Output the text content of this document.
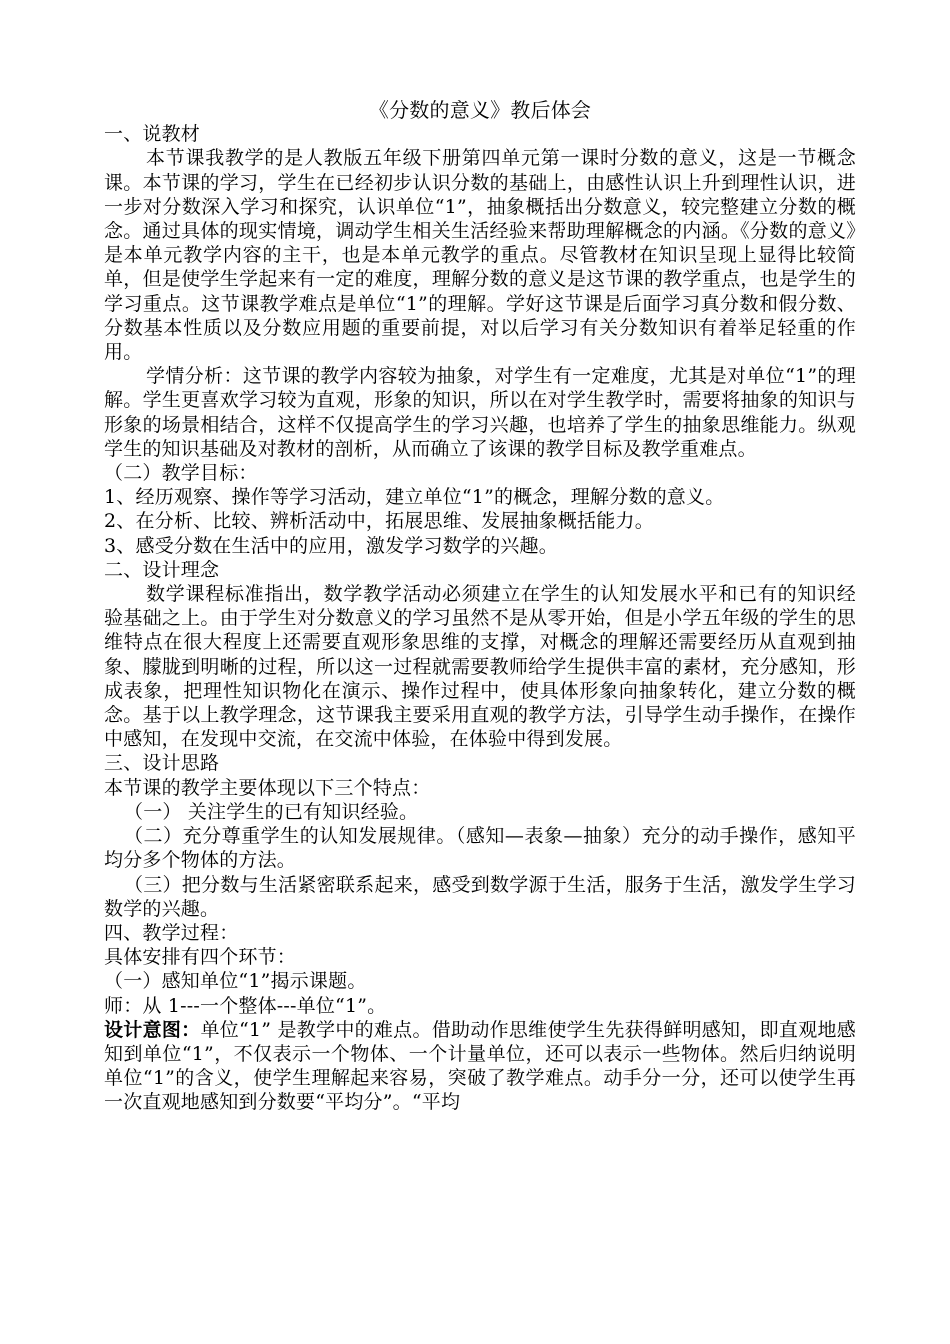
《分数的意义》教后体会

一、说教材

本节课我教学的是人教版五年级下册第四单元第一课时分数的意义，这是一节概念课。本节课的学习，学生在已经初步认识分数的基础上，由感性认识上升到理性认识，进一步对分数深入学习和探究，认识单位“1”，抽象概括出分数意义，较完整建立分数的概念。通过具体的现实情境，调动学生相关生活经验来帮助理解概念的内涵。《分数的意义》是本单元教学内容的主干，也是本单元教学的重点。尽管教材在知识呈现上显得比较简单，但是使学生学起来有一定的难度，理解分数的意义是这节课的教学重点，也是学生的学习重点。这节课教学难点是单位“1”的理解。学好这节课是后面学习真分数和假分数、分数基本性质以及分数应用题的重要前提，对以后学习有关分数知识有着举足轻重的作用。

学情分析：这节课的教学内容较为抽象，对学生有一定难度，尤其是对单位“1”的理解。学生更喜欢学习较为直观，形象的知识，所以在对学生教学时，需要将抽象的知识与形象的场景相结合，这样不仅提高学生的学习兴趣，也培养了学生的抽象思维能力。纵观学生的知识基础及对教材的剖析，从而确立了该课的教学目标及教学重难点。

（二）教学目标：

1、经历观察、操作等学习活动，建立单位“1”的概念，理解分数的意义。

2、在分析、比较、辨析活动中，拓展思维、发展抽象概括能力。

3、感受分数在生活中的应用，激发学习数学的兴趣。

二、设计理念

数学课程标准指出，数学教学活动必须建立在学生的认知发展水平和已有的知识经验基础之上。由于学生对分数意义的学习虽然不是从零开始，但是小学五年级的学生的思维特点在很大程度上还需要直观形象思维的支撑，对概念的理解还需要经历从直观到抽象、朦胧到明晰的过程，所以这一过程就需要教师给学生提供丰富的素材，充分感知，形成表象，把理性知识物化在演示、操作过程中，使具体形象向抽象转化，建立分数的概念。基于以上教学理念，这节课我主要采用直观的教学方法，引导学生动手操作，在操作中感知，在发现中交流，在交流中体验，在体验中得到发展。

三、设计思路

本节课的教学主要体现以下三个特点：

（一） 关注学生的已有知识经验。

（二）充分尊重学生的认知发展规律。（感知—表象—抽象）充分的动手操作，感知平均分多个物体的方法。

（三）把分数与生活紧密联系起来，感受到数学源于生活，服务于生活，激发学生学习数学的兴趣。

四、教学过程：

具体安排有四个环节：

（一）感知单位“1”揭示课题。

师：从 1---一个整体---单位“1”。

设计意图：单位“1” 是教学中的难点。借助动作思维使学生先获得鲜明感知，即直观地感知到单位“1”，不仅表示一个物体、一个计量单位，还可以表示一些物体。然后归纳说明单位“1”的含义，使学生理解起来容易，突破了教学难点。动手分一分，还可以使学生再一次直观地感知到分数要“平均分”。“平均
